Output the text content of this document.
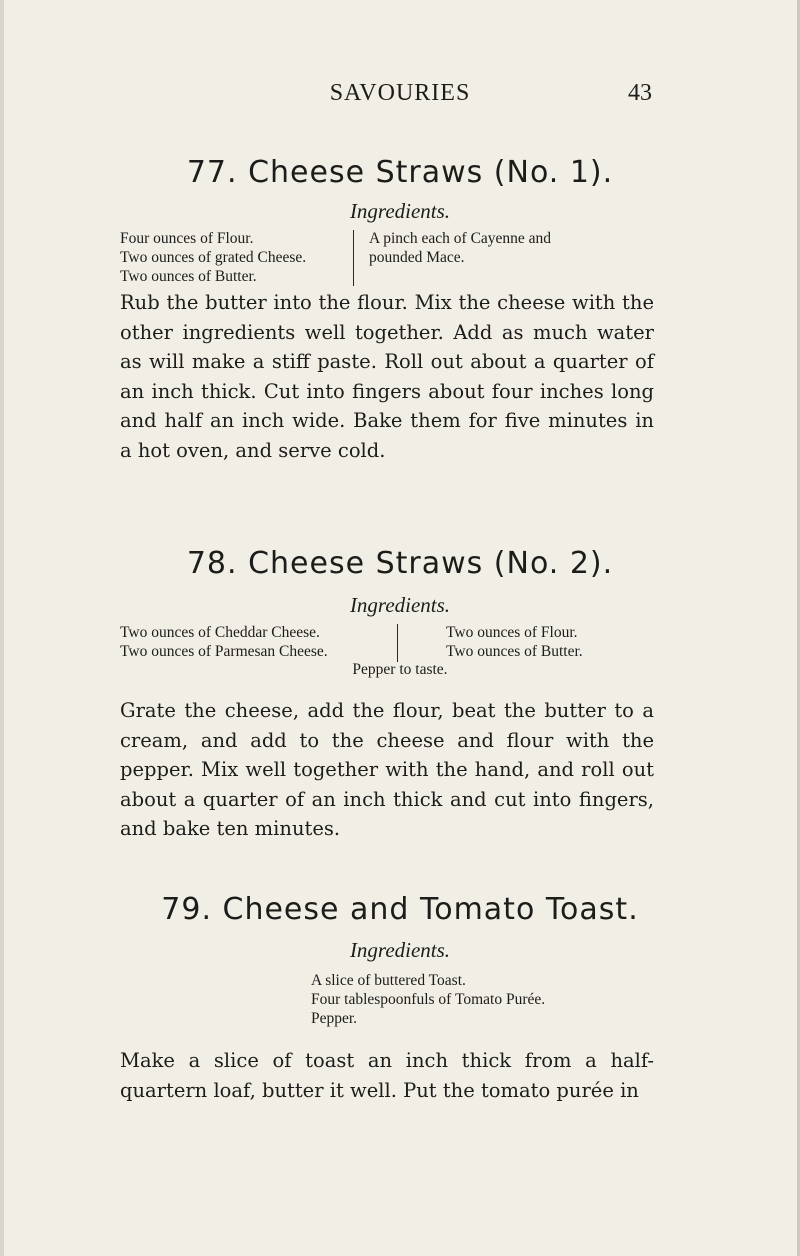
SAVOURIES	43
77. Cheese Straws (No. 1).
Ingredients.
Four ounces of Flour.
Two ounces of grated Cheese.
Two ounces of Butter.
A pinch each of Cayenne and
pounded Mace.
Rub the butter into the flour. Mix the cheese with the other ingredients well together. Add as much water as will make a stiff paste. Roll out about a quarter of an inch thick. Cut into fingers about four inches long and half an inch wide. Bake them for five minutes in a hot oven, and serve cold.
78. Cheese Straws (No. 2).
Ingredients.
Two ounces of Cheddar Cheese.
Two ounces of Parmesan Cheese.
Two ounces of Flour.
Two ounces of Butter.
Pepper to taste.
Grate the cheese, add the flour, beat the butter to a cream, and add to the cheese and flour with the pepper. Mix well together with the hand, and roll out about a quarter of an inch thick and cut into fingers, and bake ten minutes.
79. Cheese and Tomato Toast.
Ingredients.
A slice of buttered Toast.
Four tablespoonfuls of Tomato Purée.
Pepper.
Make a slice of toast an inch thick from a half-quartern loaf, butter it well. Put the tomato purée in
